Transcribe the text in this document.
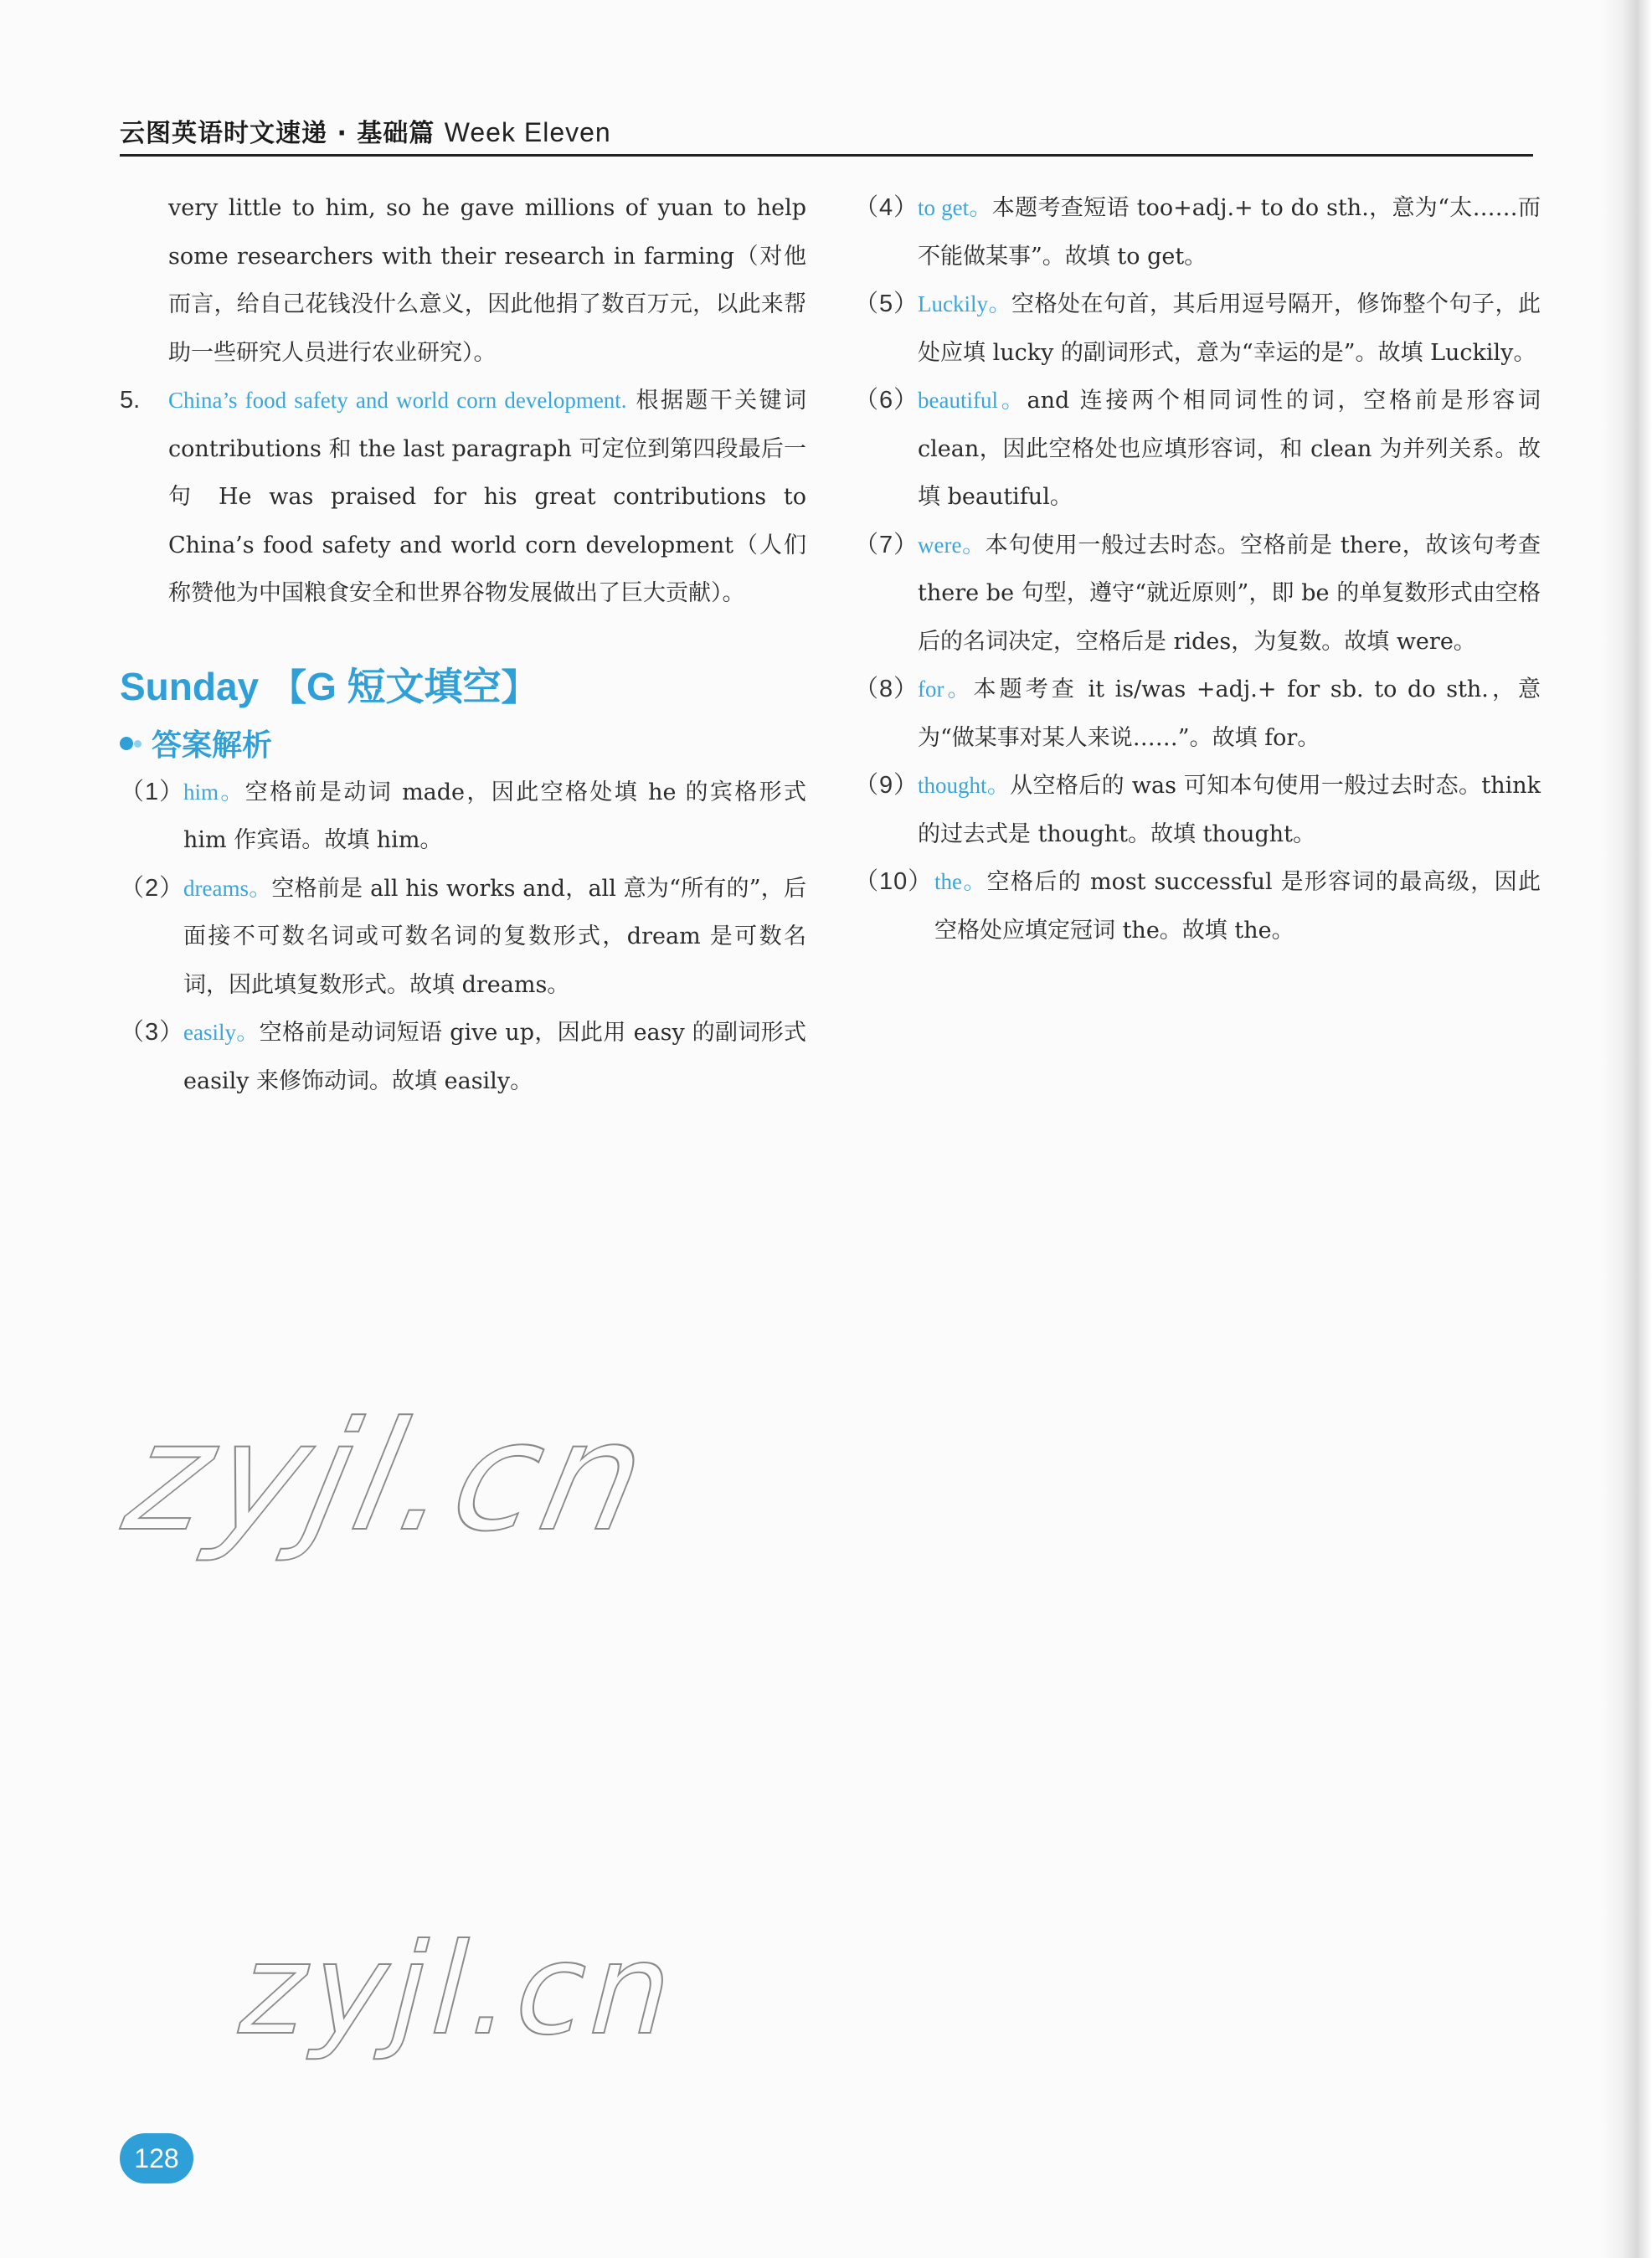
云图英语时文速递 · 基础篇 Week Eleven

very little to him, so he gave millions of yuan to help some researchers with their research in farming（对他而言，给自己花钱没什么意义，因此他捐了数百万元，以此来帮助一些研究人员进行农业研究）。

5. China’s food safety and world corn development. 根据题干关键词 contributions 和 the last paragraph 可定位到第四段最后一句 He was praised for his great contributions to China’s food safety and world corn development（人们称赞他为中国粮食安全和世界谷物发展做出了巨大贡献）。

Sunday 【G 短文填空】
答案解析

（1）
him。空格前是动词 made，因此空格处填 he 的宾格形式 him 作宾语。故填 him。

（2）
dreams。空格前是 all his works and，all 意为“所有的”，后面接不可数名词或可数名词的复数形式，dream 是可数名词，因此填复数形式。故填 dreams。

（3）
easily。空格前是动词短语 give up，因此用 easy 的副词形式 easily 来修饰动词。故填 easily。

（4）
to get。本题考查短语 too+adj.+ to do sth.，意为“太……而不能做某事”。故填 to get。

（5）
Luckily。空格处在句首，其后用逗号隔开，修饰整个句子，此处应填 lucky 的副词形式，意为“幸运的是”。故填 Luckily。

（6）
beautiful。and 连接两个相同词性的词，空格前是形容词 clean，因此空格处也应填形容词，和 clean 为并列关系。故填 beautiful。

（7）
were。本句使用一般过去时态。空格前是 there，故该句考查 there be 句型，遵守“就近原则”，即 be 的单复数形式由空格后的名词决定，空格后是 rides，为复数。故填 were。

（8）
for。本题考查 it is/was +adj.+ for sb. to do sth.，意为“做某事对某人来说……”。故填 for。

（9）
thought。从空格后的 was 可知本句使用一般过去时态。think 的过去式是 thought。故填 thought。

（10） the。空格后的 most successful 是形容词的最高级，因此空格处应填定冠词 the。故填 the。

zyjl.cn
zyjl.cn
128
